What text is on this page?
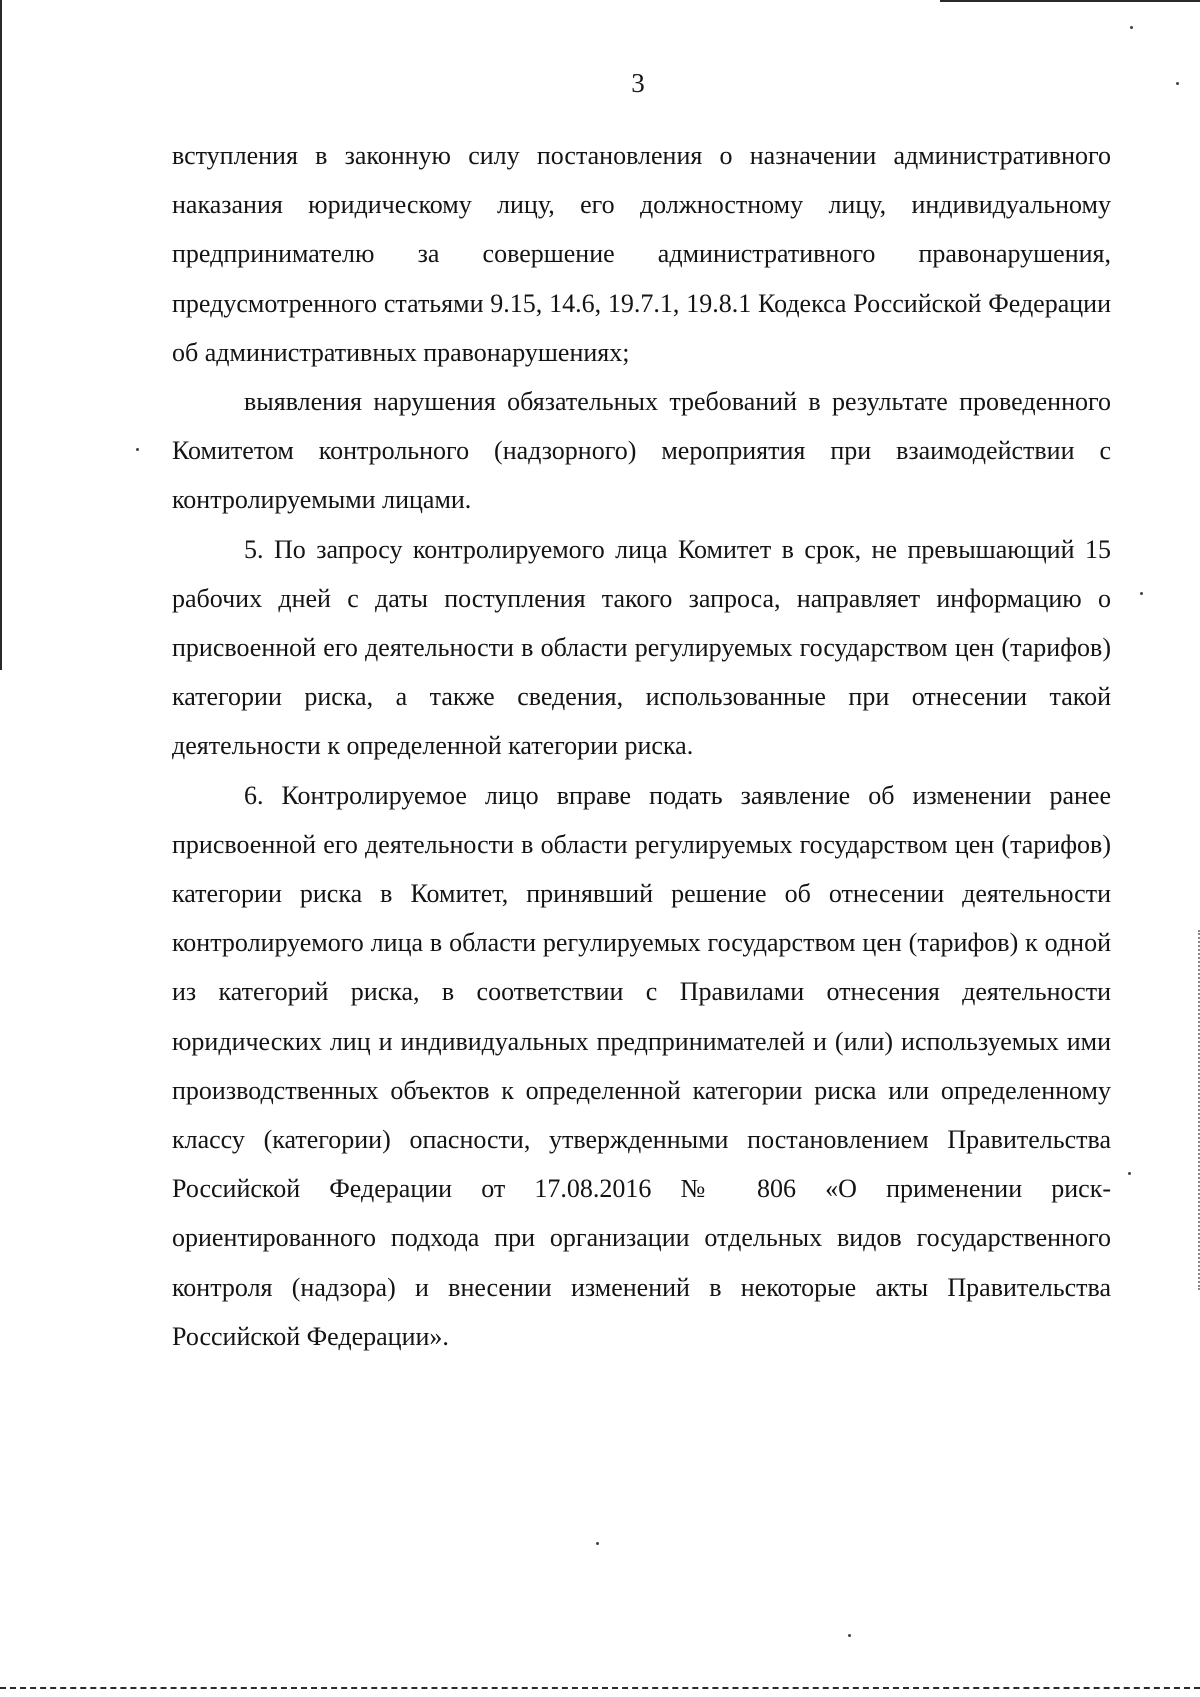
3

вступления в законную силу постановления о назначении административного наказания юридическому лицу, его должностному лицу, индивидуальному предпринимателю за совершение административного правонарушения, предусмотренного статьями 9.15, 14.6, 19.7.1, 19.8.1 Кодекса Российской Федерации об административных правонарушениях;

выявления нарушения обязательных требований в результате проведенного Комитетом контрольного (надзорного) мероприятия при взаимодействии с контролируемыми лицами.

5. По запросу контролируемого лица Комитет в срок, не превышающий 15 рабочих дней с даты поступления такого запроса, направляет информацию о присвоенной его деятельности в области регулируемых государством цен (тарифов) категории риска, а также сведения, использованные при отнесении такой деятельности к определенной категории риска.

6. Контролируемое лицо вправе подать заявление об изменении ранее присвоенной его деятельности в области регулируемых государством цен (тарифов) категории риска в Комитет, принявший решение об отнесении деятельности контролируемого лица в области регулируемых государством цен (тарифов) к одной из категорий риска, в соответствии с Правилами отнесения деятельности юридических лиц и индивидуальных предпринимателей и (или) используемых ими производственных объектов к определенной категории риска или определенному классу (категории) опасности, утвержденными постановлением Правительства Российской Федерации от 17.08.2016 № 806 «О применении риск-ориентированного подхода при организации отдельных видов государственного контроля (надзора) и внесении изменений в некоторые акты Правительства Российской Федерации».
